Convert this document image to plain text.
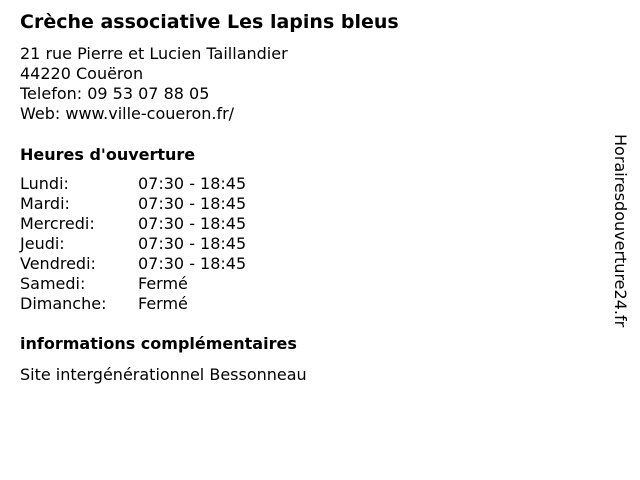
Crèche associative Les lapins bleus
21 rue Pierre et Lucien Taillandier
44220 Couëron
Telefon: 09 53 07 88 05
Web: www.ville-coueron.fr/
Heures d'ouverture
Lundi:	07:30 - 18:45
Mardi:	07:30 - 18:45
Mercredi:	07:30 - 18:45
Jeudi:	07:30 - 18:45
Vendredi:	07:30 - 18:45
Samedi:	Fermé
Dimanche:	Fermé
informations complémentaires
Site intergénérationnel Bessonneau
Horairesdouverture24.fr
